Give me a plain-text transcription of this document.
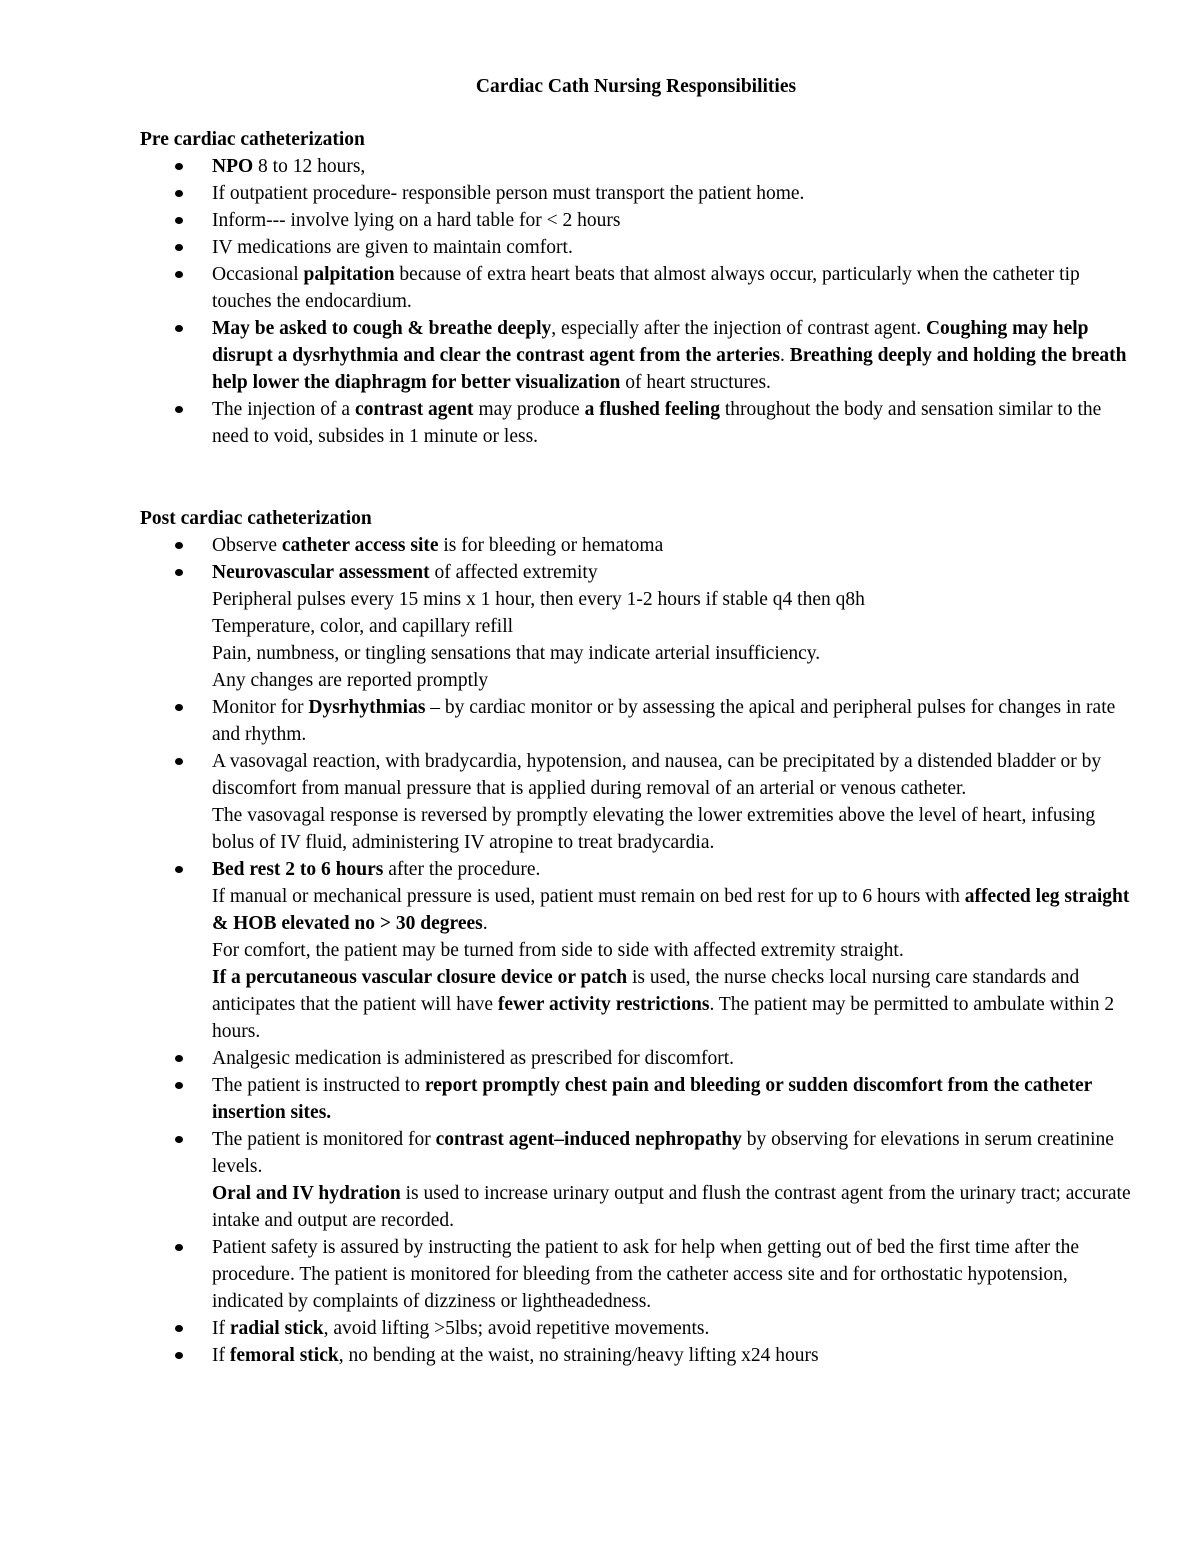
Cardiac Cath Nursing Responsibilities
Pre cardiac catheterization
NPO 8 to 12 hours,
If outpatient procedure- responsible person must transport the patient home.
Inform--- involve lying on a hard table for < 2 hours
IV medications are given to maintain comfort.
Occasional palpitation because of extra heart beats that almost always occur, particularly when the catheter tip touches the endocardium.
May be asked to cough & breathe deeply, especially after the injection of contrast agent. Coughing may help disrupt a dysrhythmia and clear the contrast agent from the arteries. Breathing deeply and holding the breath help lower the diaphragm for better visualization of heart structures.
The injection of a contrast agent may produce a flushed feeling throughout the body and sensation similar to the need to void, subsides in 1 minute or less.
Post cardiac catheterization
Observe catheter access site is for bleeding or hematoma
Neurovascular assessment of affected extremity
Peripheral pulses every 15 mins x 1 hour, then every 1-2 hours if stable q4 then q8h
Temperature, color, and capillary refill
Pain, numbness, or tingling sensations that may indicate arterial insufficiency.
Any changes are reported promptly
Monitor for Dysrhythmias – by cardiac monitor or by assessing the apical and peripheral pulses for changes in rate and rhythm.
A vasovagal reaction, with bradycardia, hypotension, and nausea, can be precipitated by a distended bladder or by discomfort from manual pressure that is applied during removal of an arterial or venous catheter.
The vasovagal response is reversed by promptly elevating the lower extremities above the level of heart, infusing bolus of IV fluid, administering IV atropine to treat bradycardia.
Bed rest 2 to 6 hours after the procedure.
If manual or mechanical pressure is used, patient must remain on bed rest for up to 6 hours with affected leg straight & HOB elevated no > 30 degrees.
For comfort, the patient may be turned from side to side with affected extremity straight.
If a percutaneous vascular closure device or patch is used, the nurse checks local nursing care standards and anticipates that the patient will have fewer activity restrictions. The patient may be permitted to ambulate within 2 hours.
Analgesic medication is administered as prescribed for discomfort.
The patient is instructed to report promptly chest pain and bleeding or sudden discomfort from the catheter insertion sites.
The patient is monitored for contrast agent–induced nephropathy by observing for elevations in serum creatinine levels.
Oral and IV hydration is used to increase urinary output and flush the contrast agent from the urinary tract; accurate intake and output are recorded.
Patient safety is assured by instructing the patient to ask for help when getting out of bed the first time after the procedure. The patient is monitored for bleeding from the catheter access site and for orthostatic hypotension, indicated by complaints of dizziness or lightheadedness.
If radial stick, avoid lifting >5lbs; avoid repetitive movements.
If femoral stick, no bending at the waist, no straining/heavy lifting x24 hours
